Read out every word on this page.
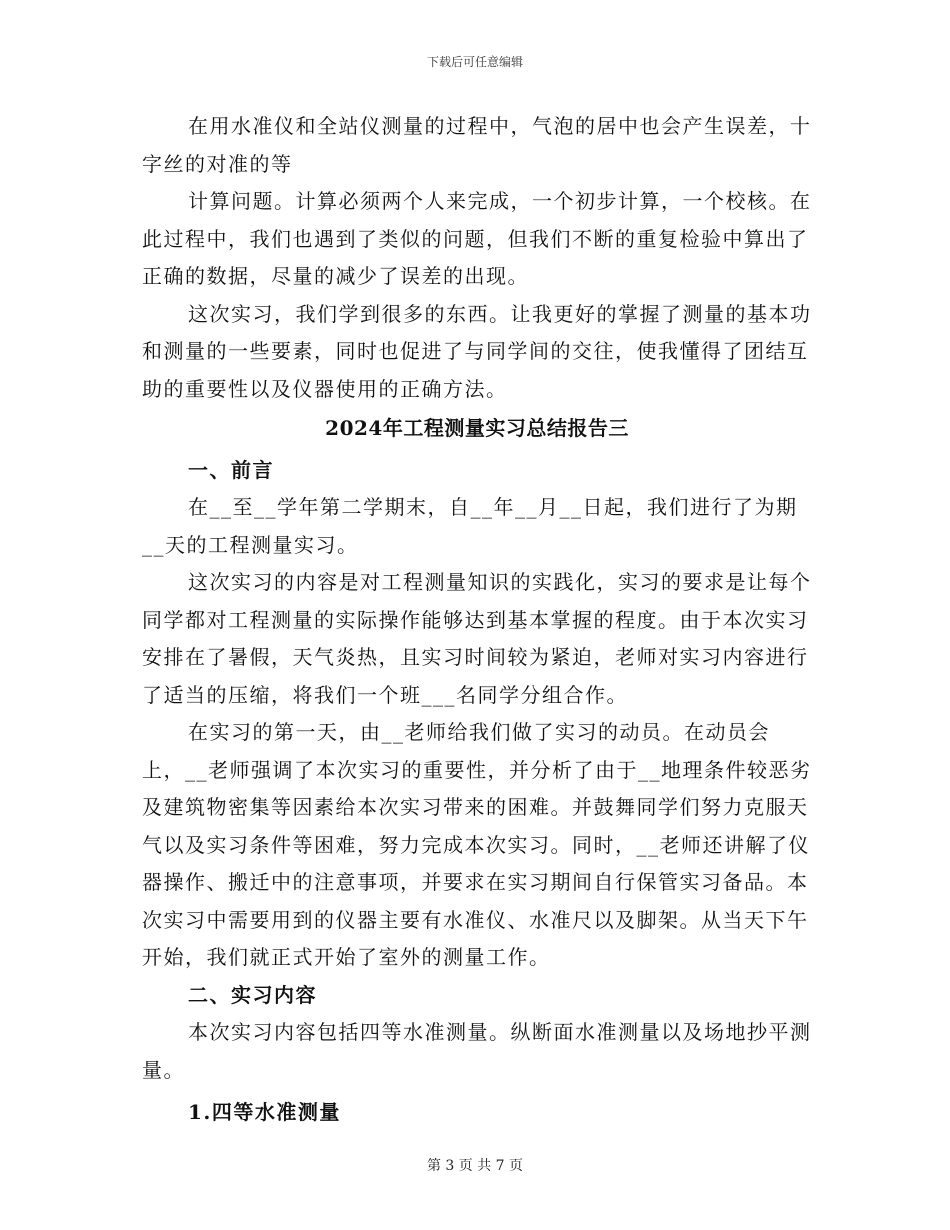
下载后可任意编辑

在用水准仪和全站仪测量的过程中，气泡的居中也会产生误差，十字丝的对准的等

计算问题。计算必须两个人来完成，一个初步计算，一个校核。在此过程中，我们也遇到了类似的问题，但我们不断的重复检验中算出了正确的数据，尽量的减少了误差的出现。

这次实习，我们学到很多的东西。让我更好的掌握了测量的基本功和测量的一些要素，同时也促进了与同学间的交往，使我懂得了团结互助的重要性以及仪器使用的正确方法。

2024年工程测量实习总结报告三

一、前言

在__至__学年第二学期末，自__年__月__日起，我们进行了为期__天的工程测量实习。

这次实习的内容是对工程测量知识的实践化，实习的要求是让每个同学都对工程测量的实际操作能够达到基本掌握的程度。由于本次实习安排在了暑假，天气炎热，且实习时间较为紧迫，老师对实习内容进行了适当的压缩，将我们一个班___名同学分组合作。

在实习的第一天，由__老师给我们做了实习的动员。在动员会上，__老师强调了本次实习的重要性，并分析了由于__地理条件较恶劣及建筑物密集等因素给本次实习带来的困难。并鼓舞同学们努力克服天气以及实习条件等困难，努力完成本次实习。同时，__老师还讲解了仪器操作、搬迁中的注意事项，并要求在实习期间自行保管实习备品。本次实习中需要用到的仪器主要有水准仪、水准尺以及脚架。从当天下午开始，我们就正式开始了室外的测量工作。

二、实习内容

本次实习内容包括四等水准测量。纵断面水准测量以及场地抄平测量。

1.四等水准测量

第 3 页 共 7 页
